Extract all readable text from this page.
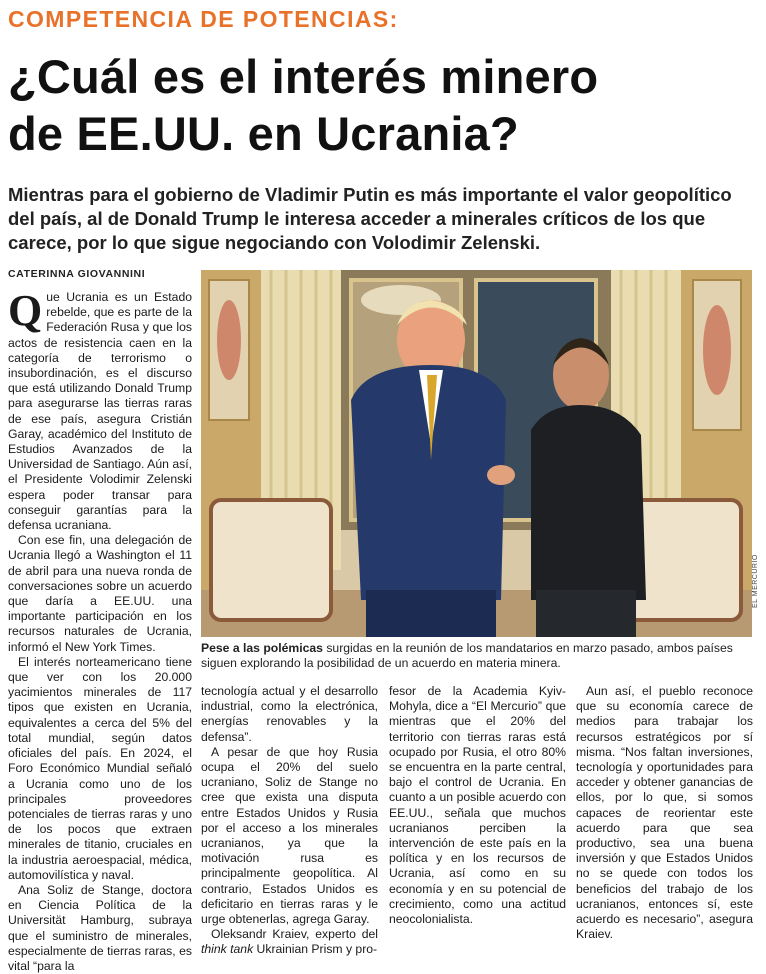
COMPETENCIA DE POTENCIAS:
¿Cuál es el interés minero
de EE.UU. en Ucrania?
Mientras para el gobierno de Vladimir Putin es más importante el valor geopolítico del país, al de Donald Trump le interesa acceder a minerales críticos de los que carece, por lo que sigue negociando con Volodimir Zelenski.
CATERINNA GIOVANNINI

Que Ucrania es un Estado rebelde, que es parte de la Federación Rusa y que los actos de resistencia caen en la categoría de terrorismo o insubordinación, es el discurso que está utilizando Donald Trump para asegurarse las tierras raras de ese país, asegura Cristián Garay, académico del Instituto de Estudios Avanzados de la Universidad de Santiago. Aún así, el Presidente Volodimir Zelenski espera poder transar para conseguir garantías para la defensa ucraniana.

Con ese fin, una delegación de Ucrania llegó a Washington el 11 de abril para una nueva ronda de conversaciones sobre un acuerdo que daría a EE.UU. una importante participación en los recursos naturales de Ucrania, informó el New York Times.

El interés norteamericano tiene que ver con los 20.000 yacimientos minerales de 117 tipos que existen en Ucrania, equivalentes a cerca del 5% del total mundial, según datos oficiales del país. En 2024, el Foro Económico Mundial señaló a Ucrania como uno de los principales proveedores potenciales de tierras raras y uno de los pocos que extraen minerales de titanio, cruciales en la industria aeroespacial, médica, automovilística y naval.

Ana Soliz de Stange, doctora en Ciencia Política de la Universität Hamburg, subraya que el suministro de minerales, especialmente de tierras raras, es vital “para la

EL MERCURIO
Pese a las polémicas surgidas en la reunión de los mandatarios en marzo pasado, ambos países siguen explorando la posibilidad de un acuerdo en materia minera.

tecnología actual y el desarrollo industrial, como la electrónica, energías renovables y la defensa”.

A pesar de que hoy Rusia ocupa el 20% del suelo ucraniano, Soliz de Stange no cree que exista una disputa entre Estados Unidos y Rusia por el acceso a los minerales ucranianos, ya que la motivación rusa es principalmente geopolítica. Al contrario, Estados Unidos es deficitario en tierras raras y le urge obtenerlas, agrega Garay.

Oleksandr Kraiev, experto del think tank Ukrainian Prism y pro-

fesor de la Academia Kyiv-Mohyla, dice a “El Mercurio” que mientras que el 20% del territorio con tierras raras está ocupado por Rusia, el otro 80% se encuentra en la parte central, bajo el control de Ucrania. En cuanto a un posible acuerdo con EE.UU., señala que muchos ucranianos perciben la intervención de este país en la política y en los recursos de Ucrania, así como en su economía y en su potencial de crecimiento, como una actitud neocolonialista.

Aun así, el pueblo reconoce que su economía carece de medios para trabajar los recursos estratégicos por sí misma. “Nos faltan inversiones, tecnología y oportunidades para acceder y obtener ganancias de ellos, por lo que, si somos capaces de reorientar este acuerdo para que sea productivo, sea una buena inversión y que Estados Unidos no se quede con todos los beneficios del trabajo de los ucranianos, entonces sí, este acuerdo es necesario”, asegura Kraiev.
